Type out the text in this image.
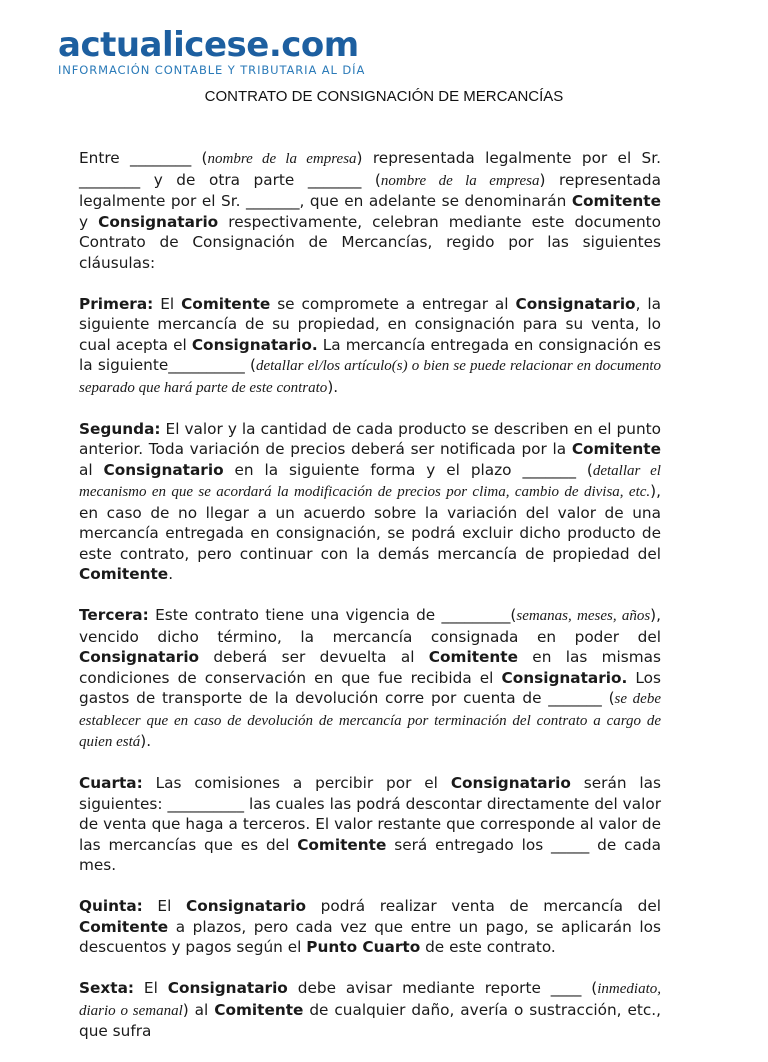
actualicese.com
INFORMACIÓN CONTABLE Y TRIBUTARIA AL DÍA
CONTRATO DE CONSIGNACIÓN DE MERCANCÍAS

Entre ________ (nombre de la empresa) representada legalmente por el Sr. ________ y de otra parte _______ (nombre de la empresa) representada legalmente por el Sr. _______, que en adelante se denominarán Comitente y Consignatario respectivamente, celebran mediante este documento Contrato de Consignación de Mercancías, regido por las siguientes cláusulas:

Primera: El Comitente se compromete a entregar al Consignatario, la siguiente mercancía de su propiedad, en consignación para su venta, lo cual acepta el Consignatario. La mercancía entregada en consignación es la siguiente__________ (detallar el/los artículo(s) o bien se puede relacionar en documento separado que hará parte de este contrato).

Segunda: El valor y la cantidad de cada producto se describen en el punto anterior. Toda variación de precios deberá ser notificada por la Comitente al Consignatario en la siguiente forma y el plazo _______ (detallar el mecanismo en que se acordará la modificación de precios por clima, cambio de divisa, etc.), en caso de no llegar a un acuerdo sobre la variación del valor de una mercancía entregada en consignación, se podrá excluir dicho producto de este contrato, pero continuar con la demás mercancía de propiedad del Comitente.

Tercera: Este contrato tiene una vigencia de _________(semanas, meses, años), vencido dicho término, la mercancía consignada en poder del Consignatario deberá ser devuelta al Comitente en las mismas condiciones de conservación en que fue recibida el Consignatario. Los gastos de transporte de la devolución corre por cuenta de _______ (se debe establecer que en caso de devolución de mercancía por terminación del contrato a cargo de quien está).

Cuarta: Las comisiones a percibir por el Consignatario serán las siguientes: __________ las cuales las podrá descontar directamente del valor de venta que haga a terceros. El valor restante que corresponde al valor de las mercancías que es del Comitente será entregado los _____ de cada mes.

Quinta: El Consignatario podrá realizar venta de mercancía del Comitente a plazos, pero cada vez que entre un pago, se aplicarán los descuentos y pagos según el Punto Cuarto de este contrato.

Sexta: El Consignatario debe avisar mediante reporte ____ (inmediato, diario o semanal) al Comitente de cualquier daño, avería o sustracción, etc., que sufra
